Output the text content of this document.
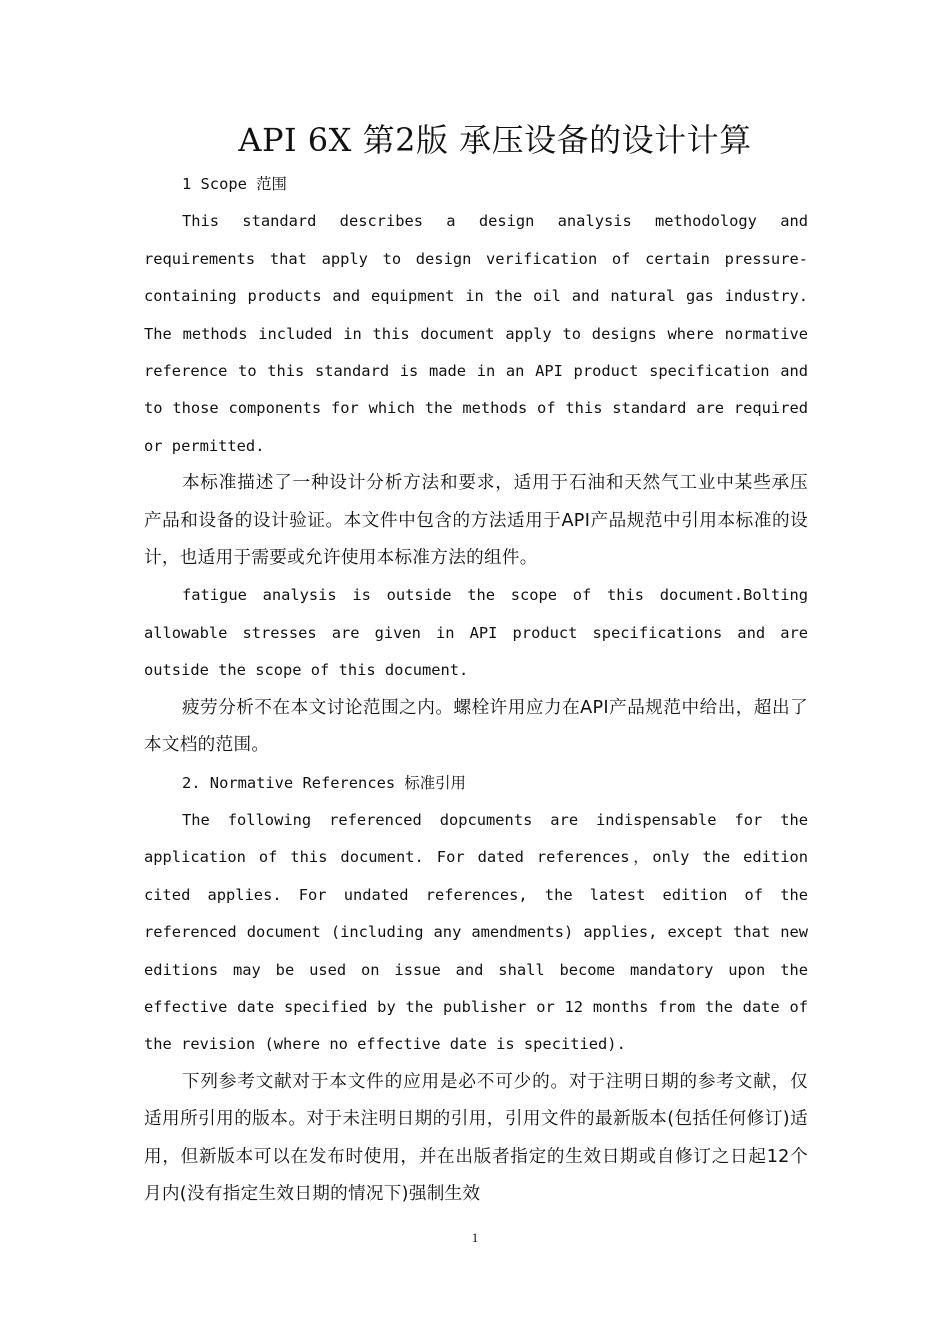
API 6X 第2版 承压设备的设计计算

1 Scope 范围

This standard describes a design analysis methodology and requirements that apply to design verification of certain pressure-containing products and equipment in the oil and natural gas industry. The methods included in this document apply to designs where normative reference to this standard is made in an API product specification and to those components for which the methods of this standard are required or permitted.

本标准描述了一种设计分析方法和要求，适用于石油和天然气工业中某些承压产品和设备的设计验证。本文件中包含的方法适用于API产品规范中引用本标准的设计，也适用于需要或允许使用本标准方法的组件。

fatigue analysis is outside the scope of this document.Bolting allowable stresses are given in API product specifications and are outside the scope of this document.

疲劳分析不在本文讨论范围之内。螺栓许用应力在API产品规范中给出，超出了本文档的范围。

2. Normative References 标准引用

The following referenced dopcuments are indispensable for the application of this document. For dated references，only the edition cited applies. For undated references, the latest edition of the referenced document (including any amendments) applies, except that new editions may be used on issue and shall become mandatory upon the effective date specified by the publisher or 12 months from the date of the revision (where no effective date is specitied).

下列参考文献对于本文件的应用是必不可少的。对于注明日期的参考文献，仅适用所引用的版本。对于未注明日期的引用，引用文件的最新版本(包括任何修订)适用，但新版本可以在发布时使用，并在出版者指定的生效日期或自修订之日起12个月内(没有指定生效日期的情况下)强制生效

1
